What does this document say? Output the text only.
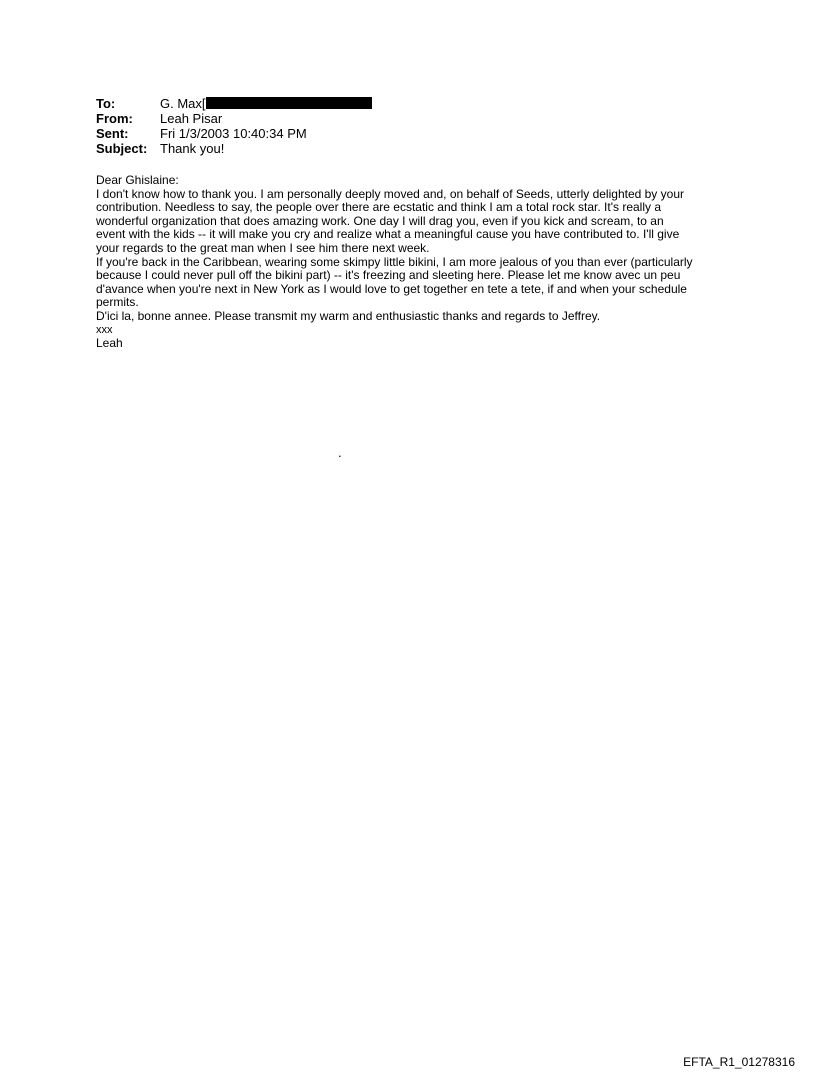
To:	G. Max[
From:	Leah Pisar
Sent:	Fri 1/3/2003 10:40:34 PM
Subject: Thank you!

Dear Ghislaine:

I don't know how to thank you. I am personally deeply moved and, on behalf of Seeds, utterly delighted by your

contribution. Needless to say, the people over there are ecstatic and think I am a total rock star. It's really a

wonderful organization that does amazing work. One day I will drag you, even if you kick and scream, to an

event with the kids -- it will make you cry and realize what a meaningful cause you have contributed to. I'll give

your regards to the great man when I see him there next week.

If you're back in the Caribbean, wearing some skimpy little bikini, I am more jealous of you than ever (particularly

because I could never pull off the bikini part) -- it's freezing and sleeting here. Please let me know avec un peu

d'avance when you're next in New York as I would love to get together en tete a tete, if and when your schedule

permits.

D'ici la, bonne annee. Please transmit my warm and enthusiastic thanks and regards to Jeffrey.

xxx

Leah

.
EFTA_R1_01278316
